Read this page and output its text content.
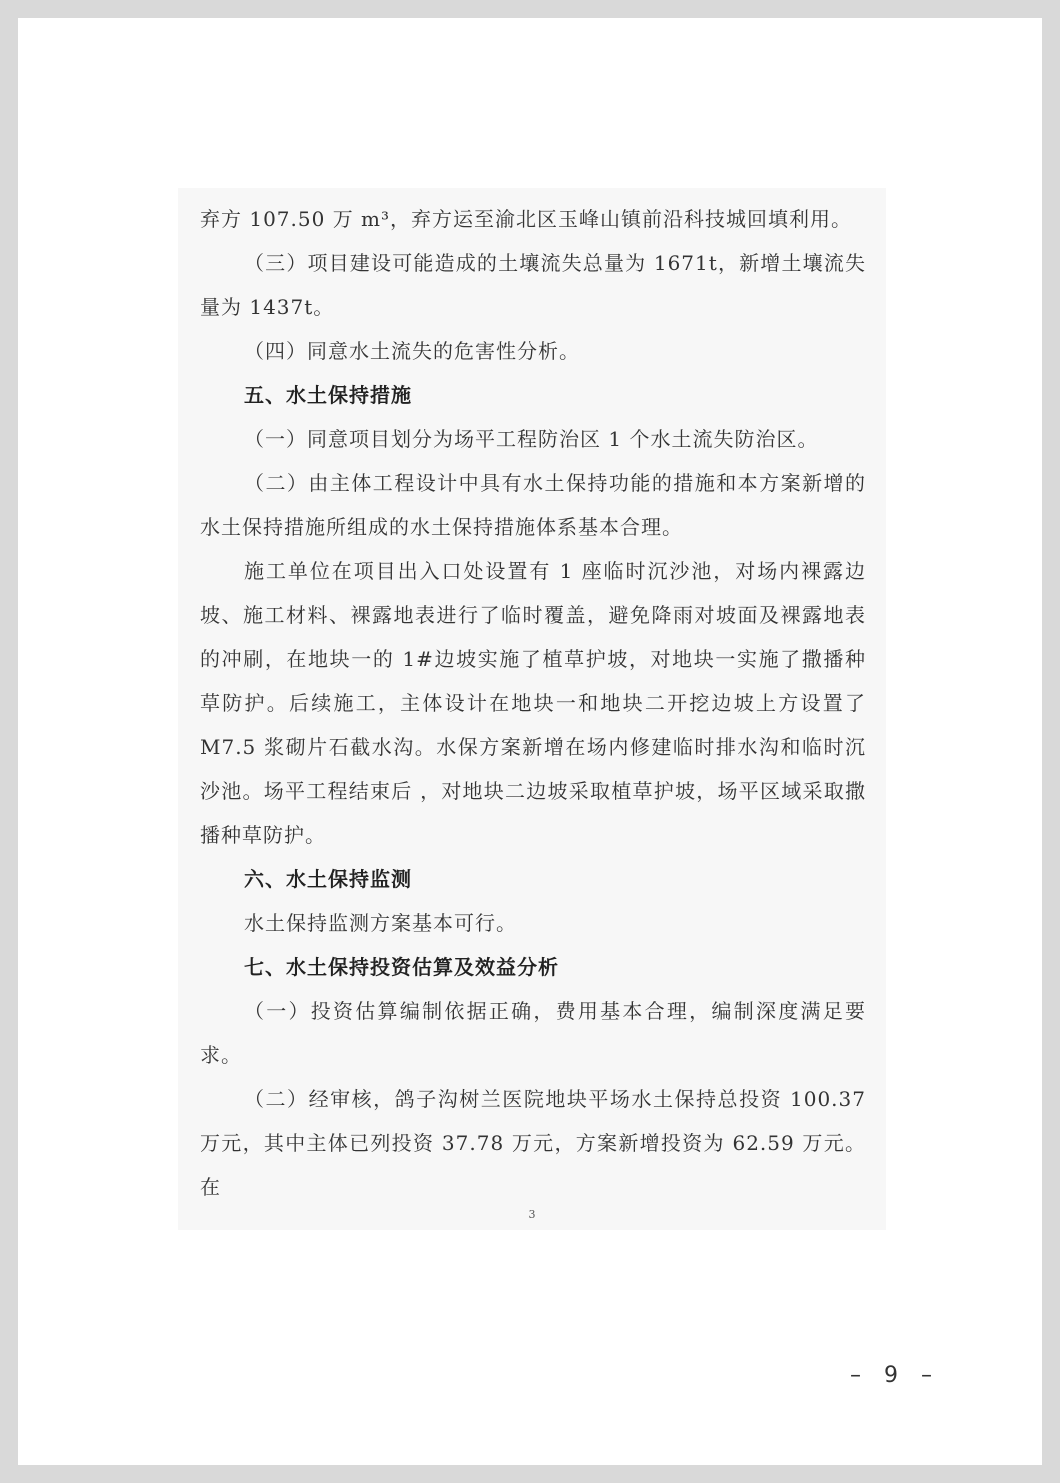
弃方 107.50 万 m³，弃方运至渝北区玉峰山镇前沿科技城回填利用。

（三）项目建设可能造成的土壤流失总量为 1671t，新增土壤流失量为 1437t。

（四）同意水土流失的危害性分析。

五、水土保持措施

（一）同意项目划分为场平工程防治区 1 个水土流失防治区。

（二）由主体工程设计中具有水土保持功能的措施和本方案新增的水土保持措施所组成的水土保持措施体系基本合理。

施工单位在项目出入口处设置有 1 座临时沉沙池，对场内裸露边坡、施工材料、裸露地表进行了临时覆盖，避免降雨对坡面及裸露地表的冲刷，在地块一的 1#边坡实施了植草护坡，对地块一实施了撒播种草防护。后续施工，主体设计在地块一和地块二开挖边坡上方设置了 M7.5 浆砌片石截水沟。水保方案新增在场内修建临时排水沟和临时沉沙池。场平工程结束后 ，对地块二边坡采取植草护坡，场平区域采取撒播种草防护。

六、水土保持监测

水土保持监测方案基本可行。

七、水土保持投资估算及效益分析

（一）投资估算编制依据正确，费用基本合理，编制深度满足要求。

（二）经审核，鸽子沟树兰医院地块平场水土保持总投资 100.37 万元，其中主体已列投资 37.78 万元，方案新增投资为 62.59 万元。在

3
– 9 –
